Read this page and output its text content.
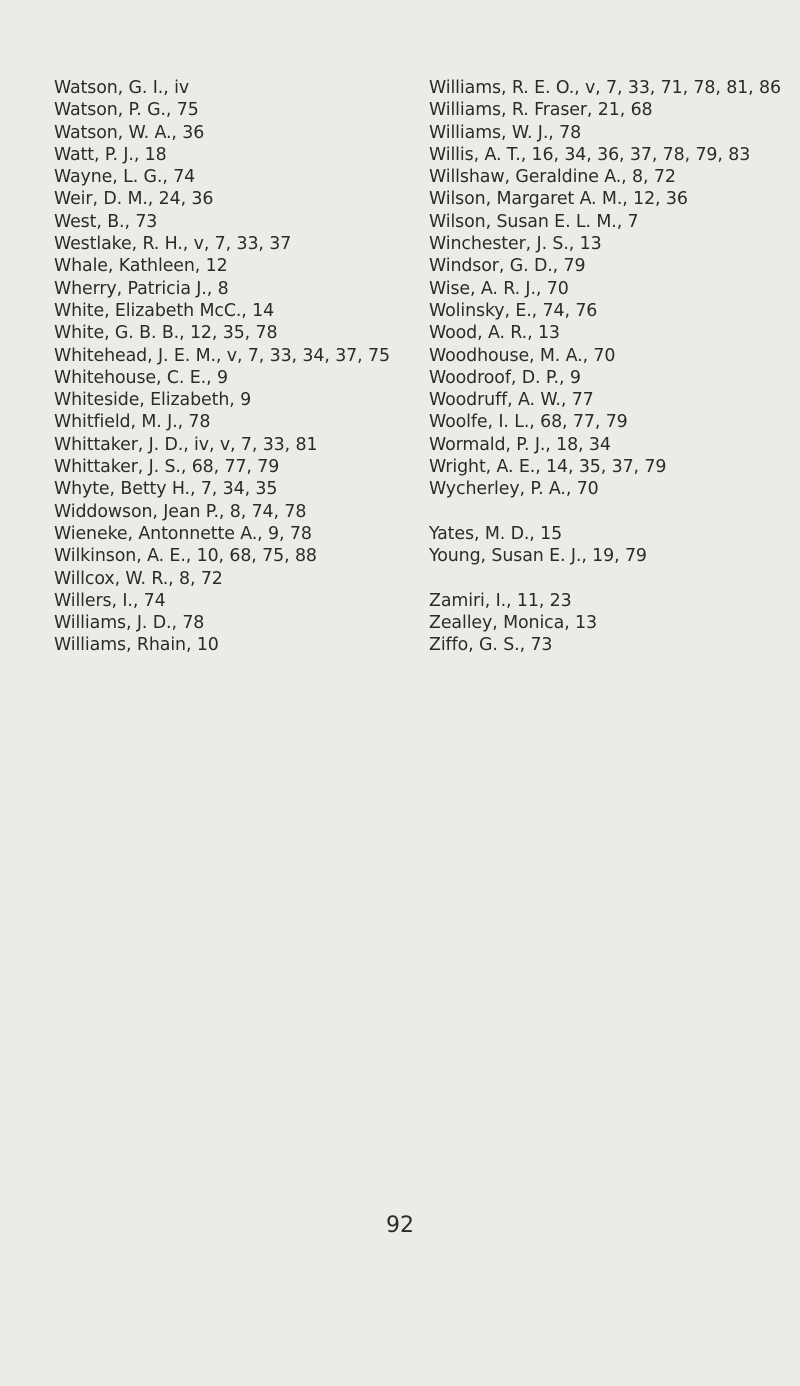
Watson, G. I., iv
Watson, P. G., 75
Watson, W. A., 36
Watt, P. J., 18
Wayne, L. G., 74
Weir, D. M., 24, 36
West, B., 73
Westlake, R. H., v, 7, 33, 37
Whale, Kathleen, 12
Wherry, Patricia J., 8
White, Elizabeth McC., 14
White, G. B. B., 12, 35, 78
Whitehead, J. E. M., v, 7, 33, 34, 37, 75
Whitehouse, C. E., 9
Whiteside, Elizabeth, 9
Whitfield, M. J., 78
Whittaker, J. D., iv, v, 7, 33, 81
Whittaker, J. S., 68, 77, 79
Whyte, Betty H., 7, 34, 35
Widdowson, Jean P., 8, 74, 78
Wieneke, Antonnette A., 9, 78
Wilkinson, A. E., 10, 68, 75, 88
Willcox, W. R., 8, 72
Willers, I., 74
Williams, J. D., 78
Williams, Rhain, 10
Williams, R. E. O., v, 7, 33, 71, 78, 81, 86
Williams, R. Fraser, 21, 68
Williams, W. J., 78
Willis, A. T., 16, 34, 36, 37, 78, 79, 83
Willshaw, Geraldine A., 8, 72
Wilson, Margaret A. M., 12, 36
Wilson, Susan E. L. M., 7
Winchester, J. S., 13
Windsor, G. D., 79
Wise, A. R. J., 70
Wolinsky, E., 74, 76
Wood, A. R., 13
Woodhouse, M. A., 70
Woodroof, D. P., 9
Woodruff, A. W., 77
Woolfe, I. L., 68, 77, 79
Wormald, P. J., 18, 34
Wright, A. E., 14, 35, 37, 79
Wycherley, P. A., 70
Yates, M. D., 15
Young, Susan E. J., 19, 79
Zamiri, I., 11, 23
Zealley, Monica, 13
Ziffo, G. S., 73
92
